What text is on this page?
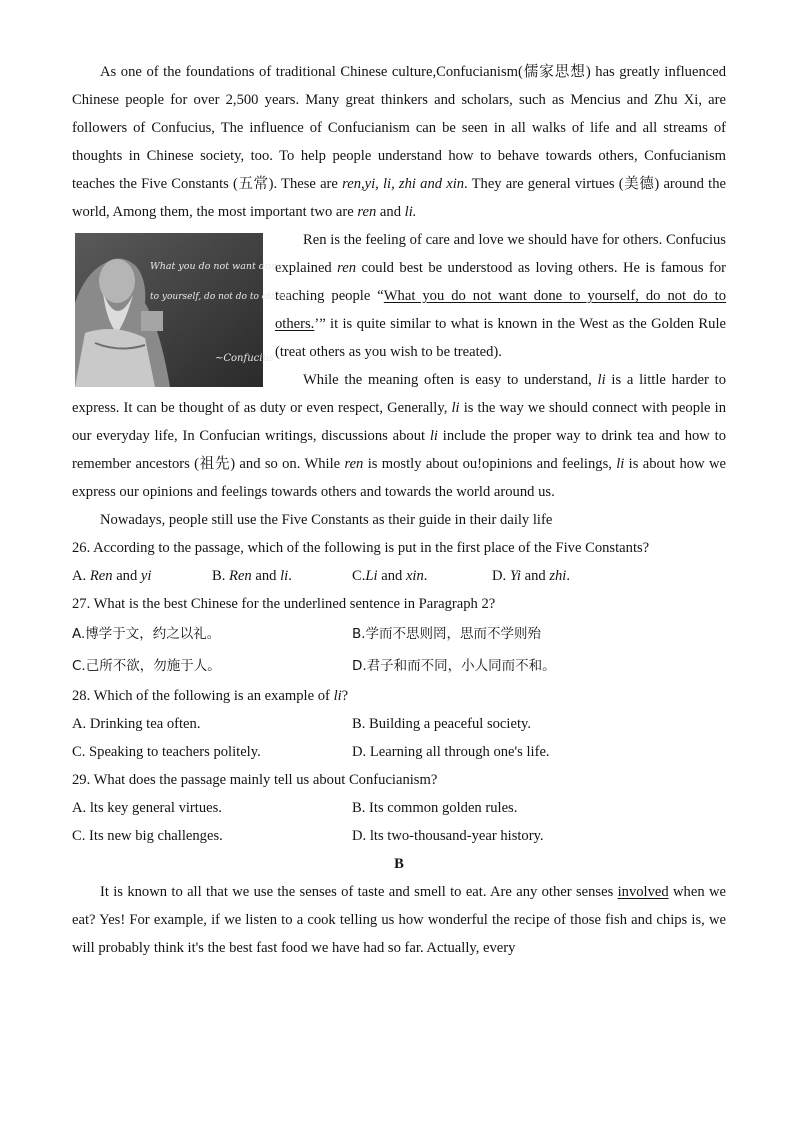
As one of the foundations of traditional Chinese culture,Confucianism(儒家思想) has greatly influenced Chinese people for over 2,500 years. Many great thinkers and scholars, such as Mencius and Zhu Xi, are followers of Confucius, The influence of Confucianism can be seen in all walks of life and all streams of thoughts in Chinese society, too. To help people understand how to behave towards others, Confucianism teaches the Five Constants (五常). These are ren,yi, li, zhi and xin. They are general virtues (美德) around the world, Among them, the most important two are ren and li.

What you do not want done
to yourself, do not do to others.
~Confucius

Ren is the feeling of care and love we should have for others. Confucius explained ren could best be understood as loving others. He is famous for teaching people “What you do not want done to yourself, do not do to others.’” it is quite similar to what is known in the West as the Golden Rule (treat others as you wish to be treated).

While the meaning often is easy to understand, li is a little harder to express. It can be thought of as duty or even respect, Generally, li is the way we should connect with people in our everyday life, In Confucian writings, discussions about li include the proper way to drink tea and how to remember ancestors (祖先) and so on. While ren is mostly about ou!opinions and feelings, li is about how we express our opinions and feelings towards others and towards the world around us.

Nowadays, people still use the Five Constants as their guide in their daily life

26. According to the passage, which of the following is put in the first place of the Five Constants?

A. Ren and yi	B. Ren and li.	C.Li and xin.	D. Yi and zhi.

27. What is the best Chinese for the underlined sentence in Paragraph 2?

A.博学于文，约之以礼。	B.学而不思则罔，思而不学则殆
C.己所不欲，勿施于人。	D.君子和而不同，小人同而不和。

28. Which of the following is an example of li?

A. Drinking tea often.	B. Building a peaceful society.
C. Speaking to teachers politely.	D. Learning all through one's life.

29. What does the passage mainly tell us about Confucianism?

A. lts key general virtues.	B. Its common golden rules.
C. Its new big challenges.	D. lts two-thousand-year history.

B

It is known to all that we use the senses of taste and smell to eat. Are any other senses involved when we eat? Yes! For example, if we listen to a cook telling us how wonderful the recipe of those fish and chips is, we will probably think it's the best fast food we have had so far. Actually, every
